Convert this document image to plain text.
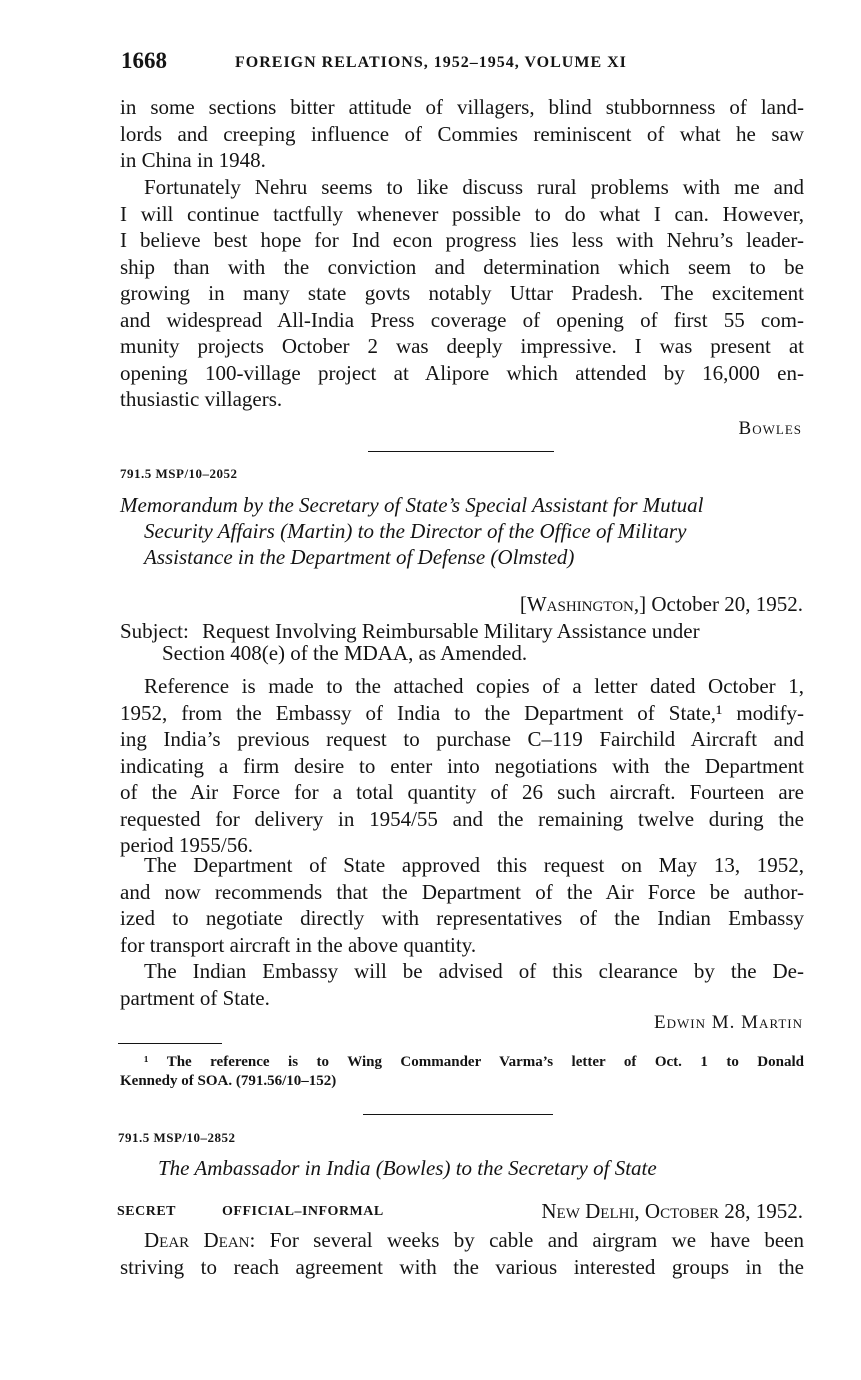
1668	FOREIGN RELATIONS, 1952–1954, VOLUME XI
in some sections bitter attitude of villagers, blind stubbornness of land-
lords and creeping influence of Commies reminiscent of what he saw
in China in 1948.
Fortunately Nehru seems to like discuss rural problems with me and
I will continue tactfully whenever possible to do what I can. However,
I believe best hope for Ind econ progress lies less with Nehru’s leader-
ship than with the conviction and determination which seem to be
growing in many state govts notably Uttar Pradesh. The excitement
and widespread All-India Press coverage of opening of first 55 com-
munity projects October 2 was deeply impressive. I was present at
opening 100-village project at Alipore which attended by 16,000 en-
thusiastic villagers.
Bowles
791.5 MSP/10–2052
Memorandum by the Secretary of State’s Special Assistant for Mutual
Security Affairs (Martin) to the Director of the Office of Military
Assistance in the Department of Defense (Olmsted)
[Washington,] October 20, 1952.
Subject: Request Involving Reimbursable Military Assistance under
Section 408(e) of the MDAA, as Amended.
Reference is made to the attached copies of a letter dated October 1,
1952, from the Embassy of India to the Department of State,¹ modify-
ing India’s previous request to purchase C–119 Fairchild Aircraft and
indicating a firm desire to enter into negotiations with the Department
of the Air Force for a total quantity of 26 such aircraft. Fourteen are
requested for delivery in 1954/55 and the remaining twelve during the
period 1955/56.
The Department of State approved this request on May 13, 1952,
and now recommends that the Department of the Air Force be author-
ized to negotiate directly with representatives of the Indian Embassy
for transport aircraft in the above quantity.
The Indian Embassy will be advised of this clearance by the De-
partment of State.
Edwin M. Martin
¹ The reference is to Wing Commander Varma’s letter of Oct. 1 to Donald
Kennedy of SOA. (791.56/10–152)
791.5 MSP/10–2852
The Ambassador in India (Bowles) to the Secretary of State
SECRET	OFFICIAL–INFORMAL	New Delhi, October 28, 1952.
Dear Dean: For several weeks by cable and airgram we have been
striving to reach agreement with the various interested groups in the
